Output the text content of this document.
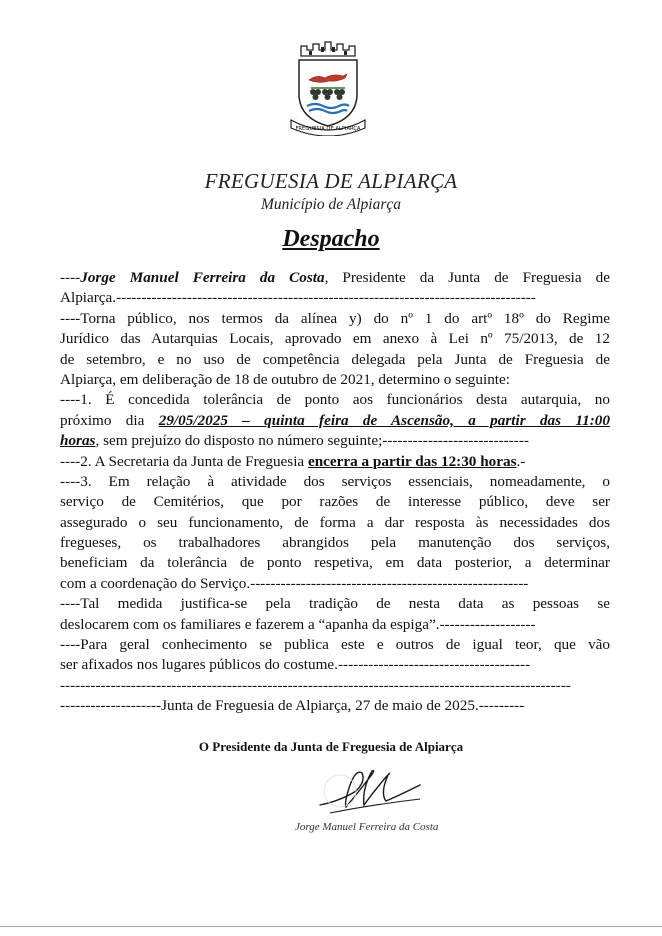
FREGUESIA DE ALPIARÇA
FREGUESIA DE ALPIARÇA
Município de Alpiarça
Despacho
----Jorge Manuel Ferreira da Costa, Presidente da Junta de Freguesia de
Alpiarça.-----------------------------------------------------------------------------------
----Torna público, nos termos da alínea y) do nº 1 do artº 18º do Regime
Jurídico das Autarquias Locais, aprovado em anexo à Lei nº 75/2013, de 12
de setembro, e no uso de competência delegada pela Junta de Freguesia de
Alpiarça, em deliberação de 18 de outubro de 2021, determino o seguinte:
----1. É concedida tolerância de ponto aos funcionários desta autarquia, no
próximo dia 29/05/2025 – quinta feira de Ascensão, a partir das 11:00
horas, sem prejuízo do disposto no número seguinte;-----------------------------
----2. A Secretaria da Junta de Freguesia encerra a partir das 12:30 horas.-
----3. Em relação à atividade dos serviços essenciais, nomeadamente, o
serviço de Cemitérios, que por razões de interesse público, deve ser
assegurado o seu funcionamento, de forma a dar resposta às necessidades dos
fregueses, os trabalhadores abrangidos pela manutenção dos serviços,
beneficiam da tolerância de ponto respetiva, em data posterior, a determinar
com a coordenação do Serviço.-------------------------------------------------------
----Tal medida justifica-se pela tradição de nesta data as pessoas se
deslocarem com os familiares e fazerem a “apanha da espiga”.-------------------
----Para geral conhecimento se publica este e outros de igual teor, que vão
ser afixados nos lugares públicos do costume.--------------------------------------
-----------------------------------------------------------------------------------------------------
--------------------Junta de Freguesia de Alpiarça, 27 de maio de 2025.---------
O Presidente da Junta de Freguesia de Alpiarça
Jorge Manuel Ferreira da Costa
